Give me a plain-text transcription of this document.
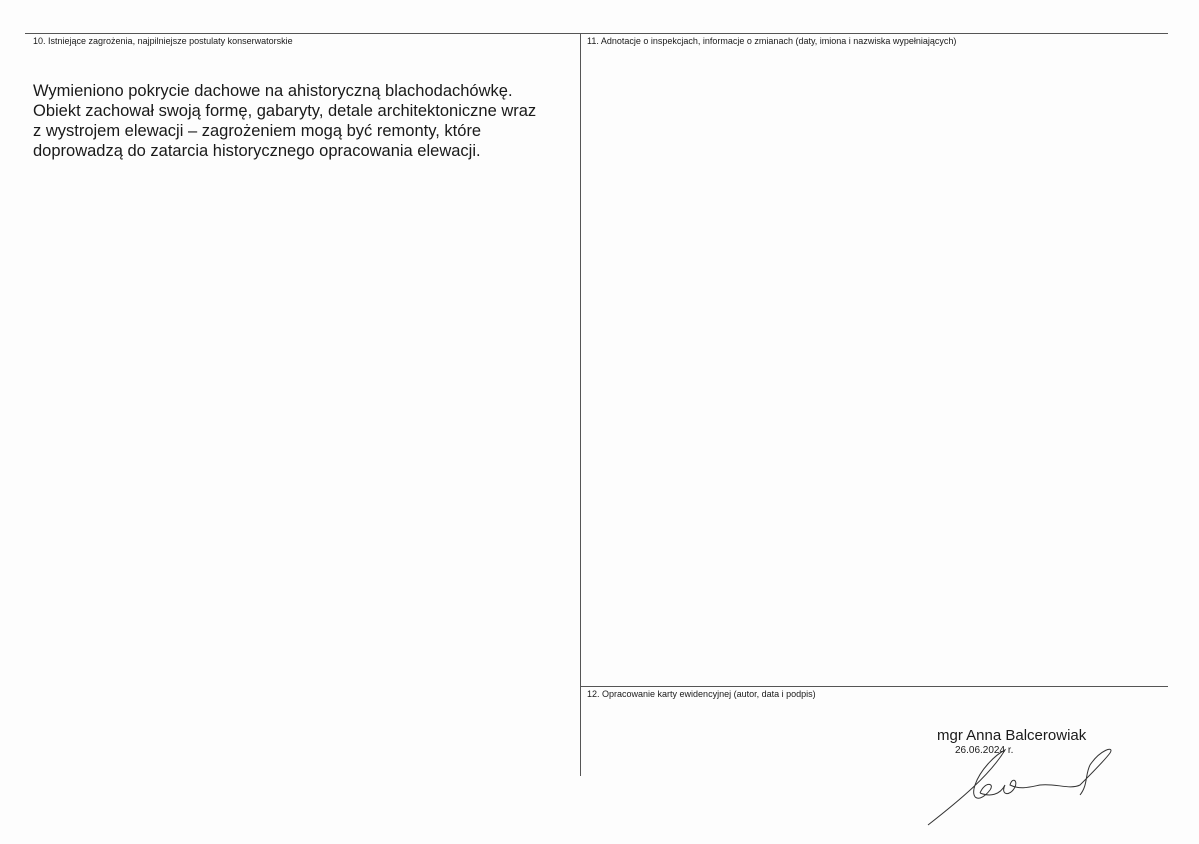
10. Istniejące zagrożenia, najpilniejsze postulaty konserwatorskie
Wymieniono pokrycie dachowe na ahistoryczną blachodachówkę.
Obiekt zachował swoją formę, gabaryty, detale architektoniczne wraz
z wystrojem elewacji – zagrożeniem mogą być remonty, które
doprowadzą do zatarcia historycznego opracowania elewacji.
11. Adnotacje o inspekcjach, informacje o zmianach (daty, imiona i nazwiska wypełniających)
12. Opracowanie karty ewidencyjnej (autor, data i podpis)
mgr Anna Balcerowiak
26.06.2024 r.
